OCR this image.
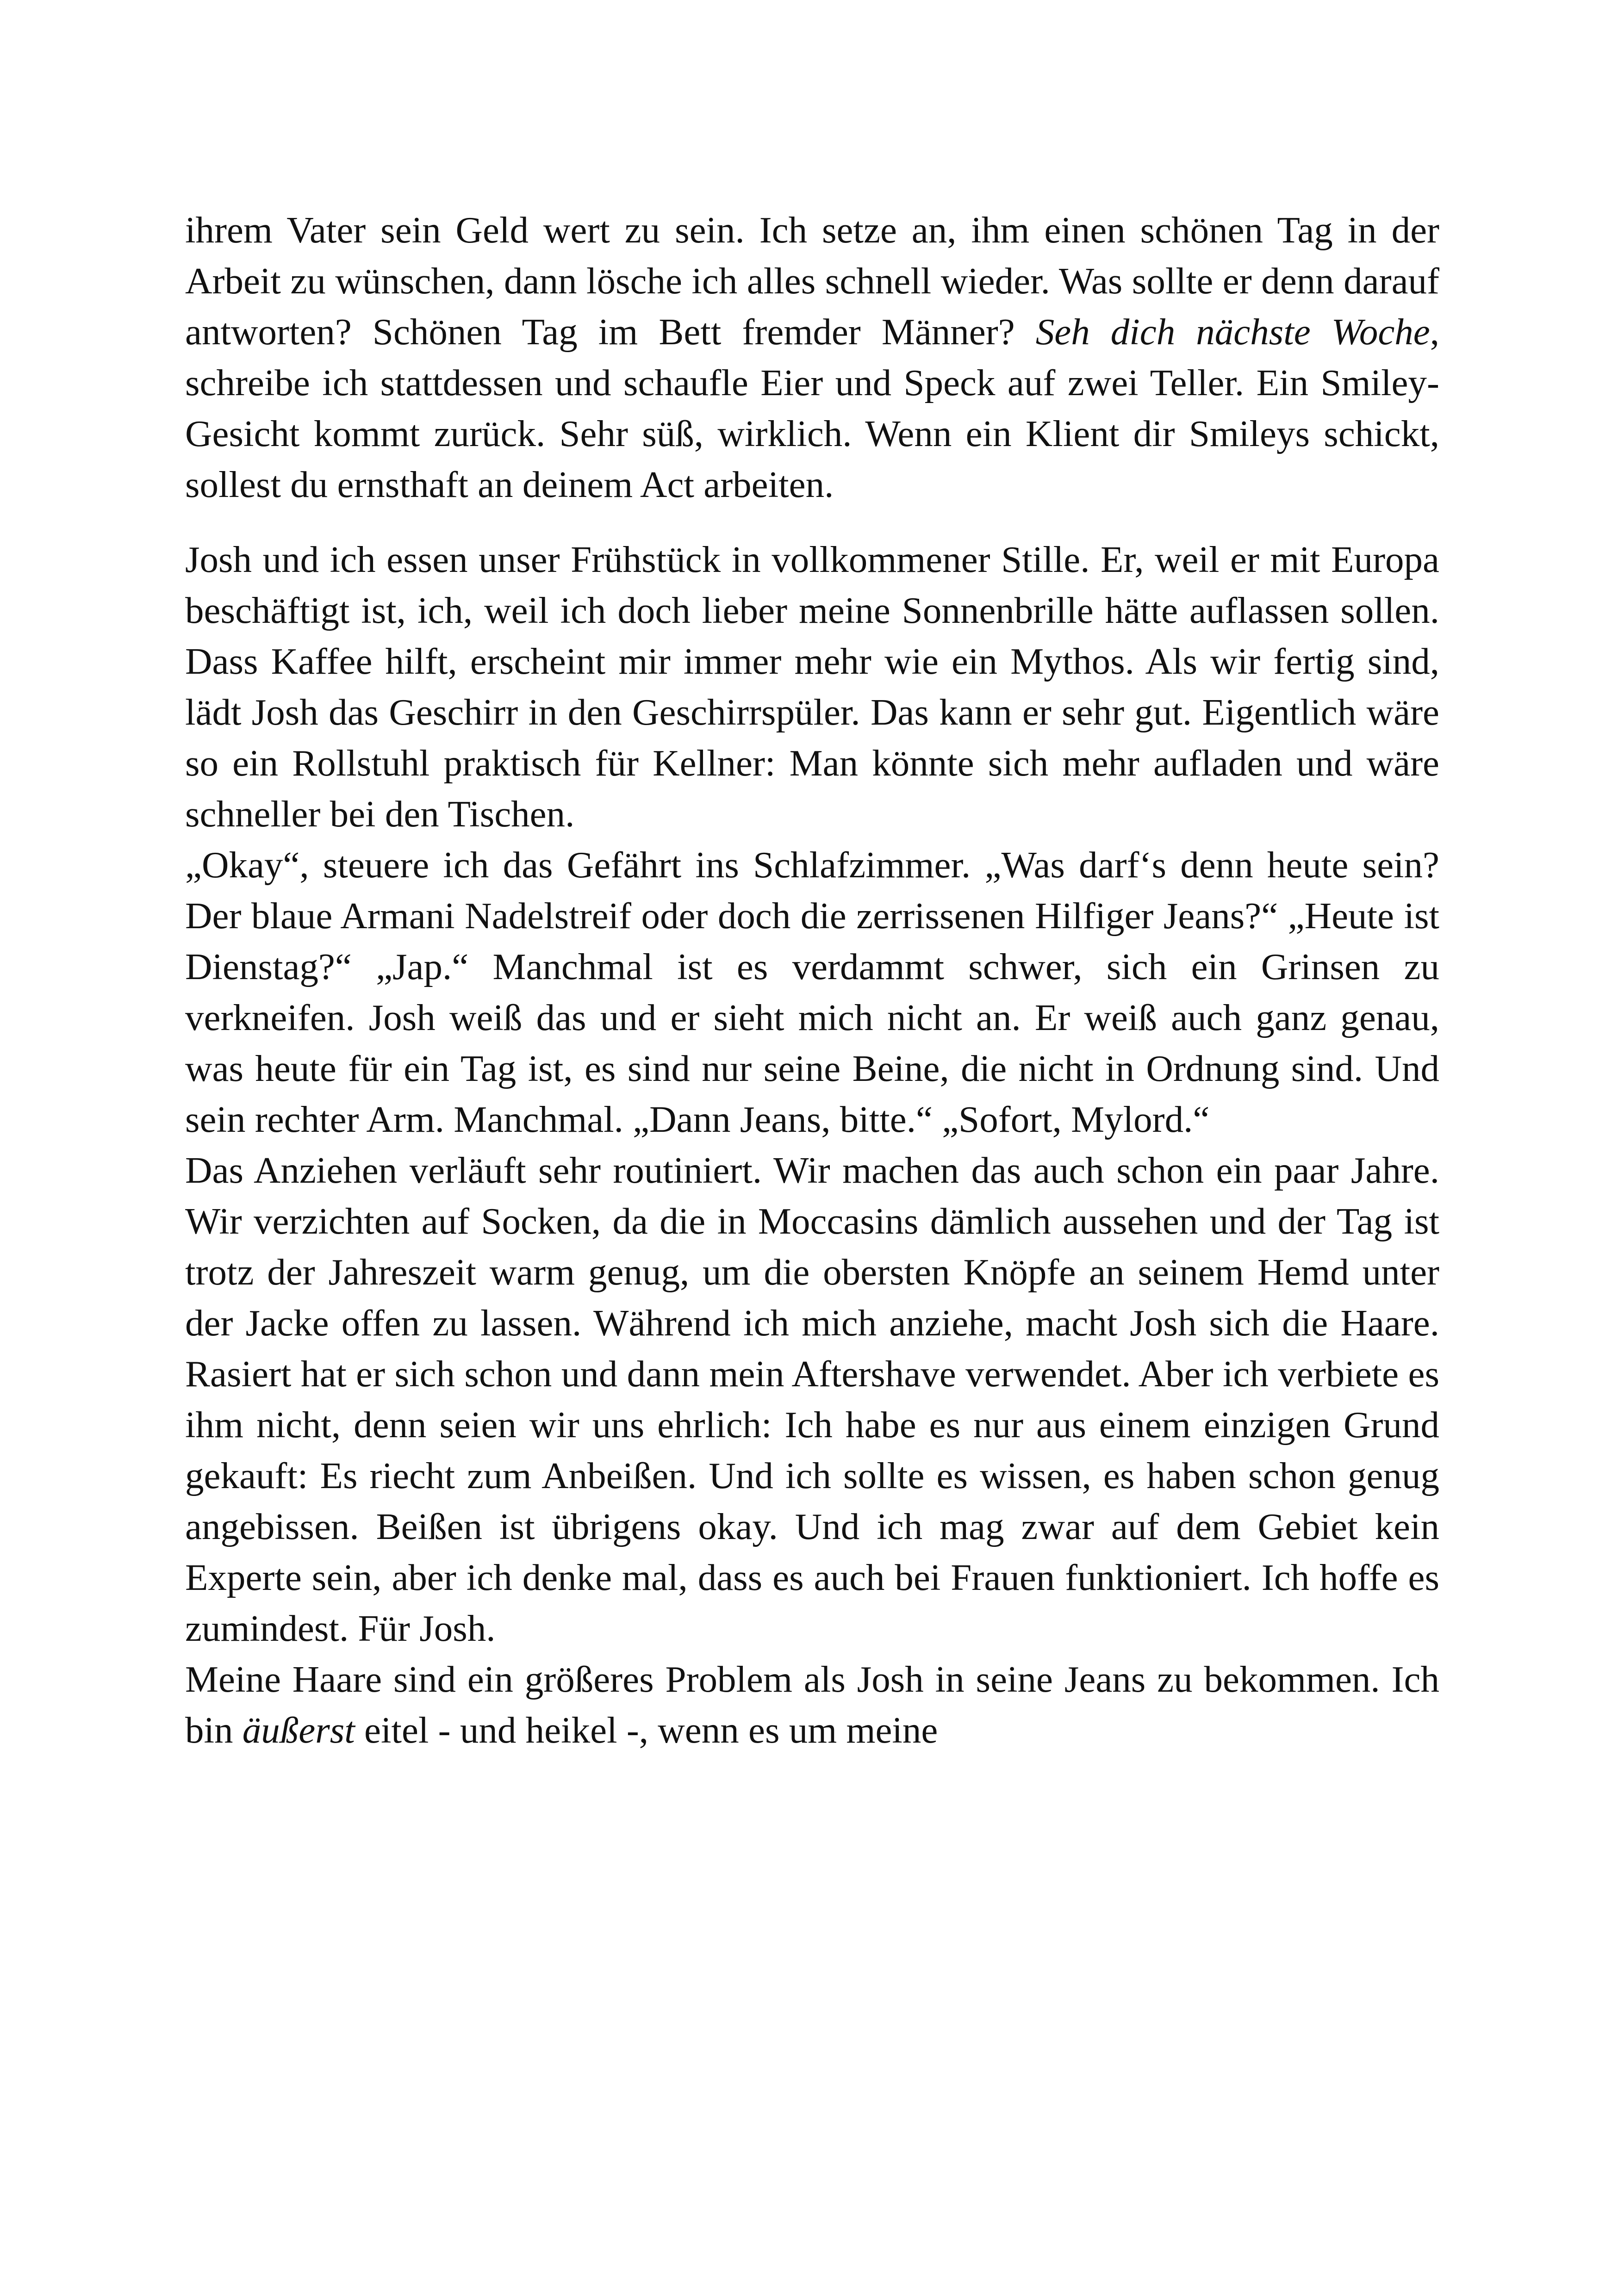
ihrem Vater sein Geld wert zu sein. Ich setze an, ihm einen schönen Tag in der Arbeit zu wünschen, dann lösche ich alles schnell wieder. Was sollte er denn darauf antworten? Schönen Tag im Bett fremder Männer? Seh dich nächste Woche, schreibe ich stattdessen und schaufle Eier und Speck auf zwei Teller. Ein Smiley-Gesicht kommt zurück. Sehr süß, wirklich. Wenn ein Klient dir Smileys schickt, sollest du ernsthaft an deinem Act arbeiten.

Josh und ich essen unser Frühstück in vollkommener Stille. Er, weil er mit Europa beschäftigt ist, ich, weil ich doch lieber meine Sonnenbrille hätte auflassen sollen. Dass Kaffee hilft, erscheint mir immer mehr wie ein Mythos. Als wir fertig sind, lädt Josh das Geschirr in den Geschirrspüler. Das kann er sehr gut. Eigentlich wäre so ein Rollstuhl praktisch für Kellner: Man könnte sich mehr aufladen und wäre schneller bei den Tischen.

„Okay“, steuere ich das Gefährt ins Schlafzimmer. „Was darf‘s denn heute sein? Der blaue Armani Nadelstreif oder doch die zerrissenen Hilfiger Jeans?“ „Heute ist Dienstag?“ „Jap.“ Manchmal ist es verdammt schwer, sich ein Grinsen zu verkneifen. Josh weiß das und er sieht mich nicht an. Er weiß auch ganz genau, was heute für ein Tag ist, es sind nur seine Beine, die nicht in Ordnung sind. Und sein rechter Arm. Manchmal. „Dann Jeans, bitte.“ „Sofort, Mylord.“

Das Anziehen verläuft sehr routiniert. Wir machen das auch schon ein paar Jahre. Wir verzichten auf Socken, da die in Moccasins dämlich aussehen und der Tag ist trotz der Jahreszeit warm genug, um die obersten Knöpfe an seinem Hemd unter der Jacke offen zu lassen. Während ich mich anziehe, macht Josh sich die Haare. Rasiert hat er sich schon und dann mein Aftershave verwendet. Aber ich verbiete es ihm nicht, denn seien wir uns ehrlich: Ich habe es nur aus einem einzigen Grund gekauft: Es riecht zum Anbeißen. Und ich sollte es wissen, es haben schon genug angebissen. Beißen ist übrigens okay. Und ich mag zwar auf dem Gebiet kein Experte sein, aber ich denke mal, dass es auch bei Frauen funktioniert. Ich hoffe es zumindest. Für Josh.

Meine Haare sind ein größeres Problem als Josh in seine Jeans zu bekommen. Ich bin äußerst eitel - und heikel -, wenn es um meine
